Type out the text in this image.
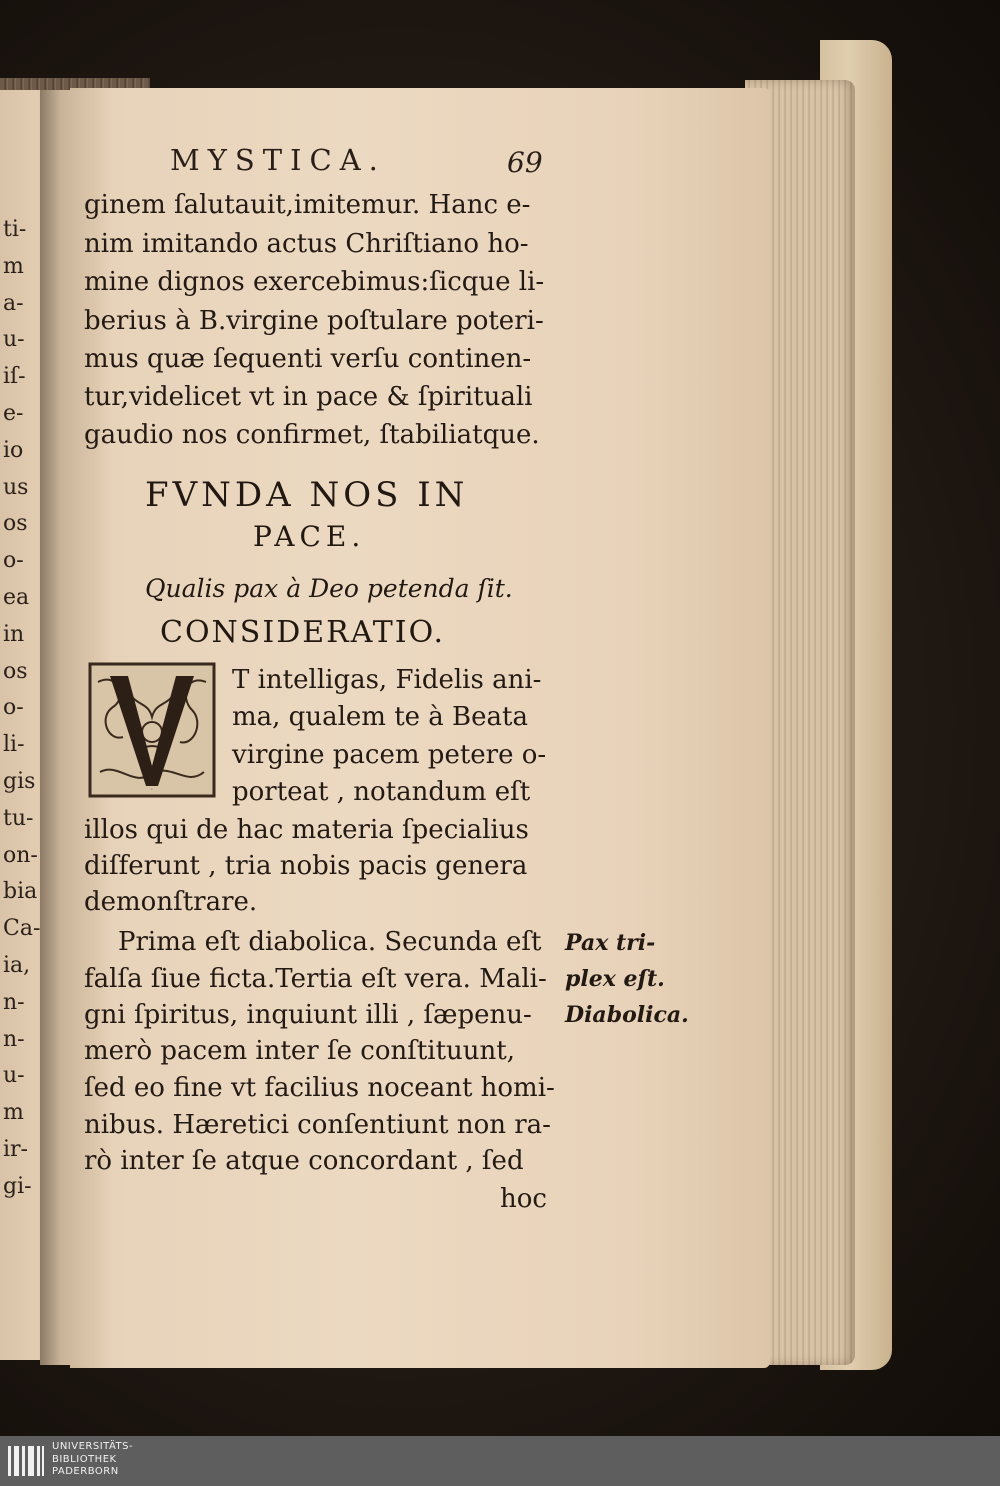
ti-
m
a-
u-
iſ-
e-
io
us
os
o-
ea
in
os
o-
li-
gis
tu-
on-
bia
Ca-
ia,
n-
n-
u-
m
ir-
gi-
MYSTICA.	69

ginem ſalutauit,imitemur. Hanc e-

nim imitando actus Chriſtiano ho-

mine dignos exercebimus:ſicque li-

berius à B.virgine poſtulare poteri-

mus quæ ſequenti verſu continen-

tur,videlicet vt in pace & ſpirituali

gaudio nos confirmet, ſtabiliatque.

FVNDA NOS IN
PACE.

Qualis pax à Deo petenda ſit.

CONSIDERATIO.
V

T intelligas, Fidelis ani-

ma, qualem te à Beata

virgine pacem petere o-

porteat , notandum eſt

illos qui de hac materia ſpecialius

diſferunt , tria nobis pacis genera

demonſtrare.

Prima eſt diabolica. Secunda eſt

falſa ſiue ficta.Tertia eſt vera. Mali-

gni ſpiritus, inquiunt illi , ſæpenu-

merò pacem inter ſe conſtituunt,

ſed eo fine vt facilius noceant homi-

nibus. Hæretici conſentiunt non ra-

rò inter ſe atque concordant , ſed

hoc

Pax tri-

plex eſt.

Diabolica.

UNIVERSITÄTS-
BIBLIOTHEK
PADERBORN
